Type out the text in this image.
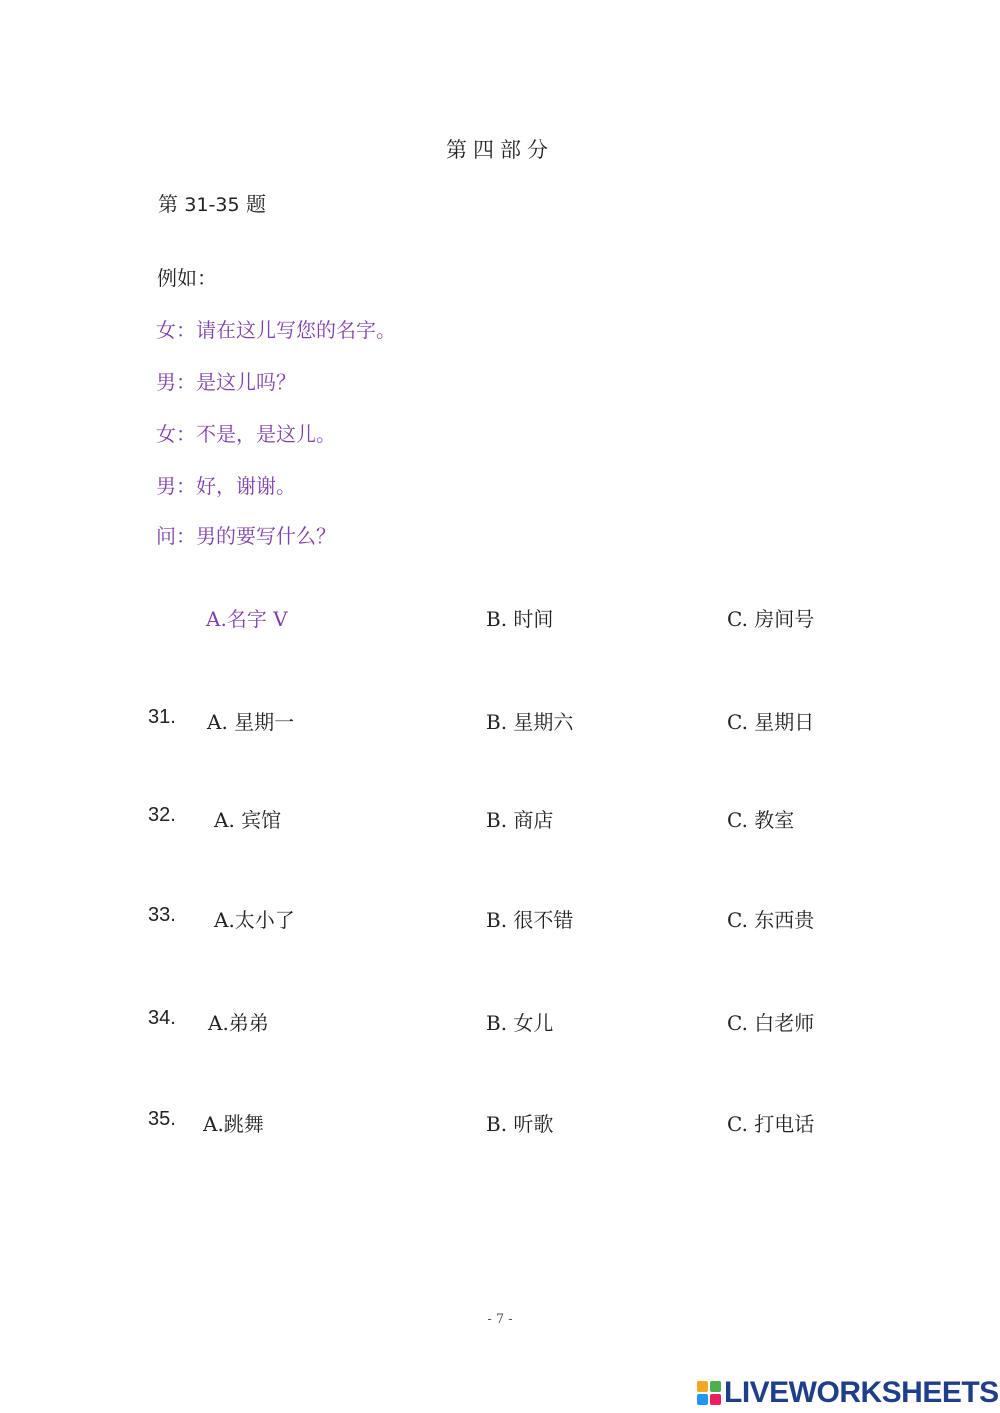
第四部分
第 31-35 题
例如：
女：请在这儿写您的名字。
男：是这儿吗？
女：不是，是这儿。
男：好，谢谢。
问：男的要写什么？
A.名字 V	B. 时间	C. 房间号
31. A. 星期一	B. 星期六	C. 星期日
32. A. 宾馆	B. 商店	C. 教室
33. A.太小了	B. 很不错	C. 东西贵
34. A.弟弟	B. 女儿	C. 白老师
35. A.跳舞	B. 听歌	C. 打电话
- 7 -
LIVEWORKSHEETS
